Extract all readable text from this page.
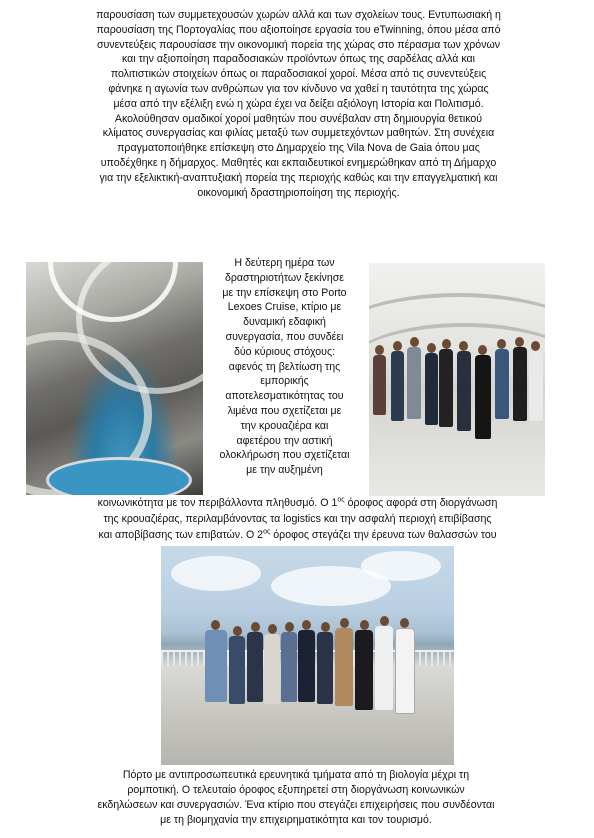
παρουσίαση των συμμετεχουσών χωρών αλλά και των σχολείων τους. Εντυπωσιακή η
παρουσίαση της Πορτογαλίας που αξιοποίησε εργασία του eTwinning, όπου μέσα από
συνεντεύξεις παρουσίασε την οικονομική πορεία της χώρας στο πέρασμα των χρόνων
και την αξιοποίηση παραδοσιακών προϊόντων όπως της σαρδέλας αλλά και
πολιτιστικών στοιχείων όπως οι παραδοσιακοί χοροί. Μέσα από τις συνεντεύξεις
φάνηκε η αγωνία των ανθρώπων για τον κίνδυνο να χαθεί η ταυτότητα της χώρας
μέσα από την εξέλιξη ενώ η χώρα έχει να δείξει αξιόλογη Ιστορία και Πολιτισμό.
Ακολούθησαν ομαδικοί χοροί μαθητών που συνέβαλαν στη δημιουργία θετικού
κλίματος συνεργασίας και φιλίας μεταξύ των συμμετεχόντων μαθητών. Στη συνέχεια
πραγματοποιήθηκε επίσκεψη στο Δημαρχείο της Vila Nova de Gaia όπου μας
υποδέχθηκε η δήμαρχος. Μαθητές και εκπαιδευτικοί ενημερώθηκαν από τη Δήμαρχο
για την εξελικτική-αναπτυξιακή πορεία της περιοχής καθώς και την επαγγελματική και
οικονομική δραστηριοποίηση της περιοχής.
Η δεύτερη ημέρα των
δραστηριοτήτων ξεκίνησε
με την επίσκεψη στο Porto
Lexoes Cruise, κτίριο με
δυναμική εδαφική
συνεργασία, που συνδέει
δύο κύριους στόχους:
αφενός τη βελτίωση της
εμπορικής
αποτελεσματικότητας του
λιμένα που σχετίζεται με
την κρουαζιέρα και
αφετέρου την αστική
ολοκλήρωση που σχετίζεται
με την αυξημένη
κοινωνικότητα με τον περιβάλλοντα πληθυσμό. Ο $1^{o\varsigma}$ όροφος αφορά στη διοργάνωση
της κρουαζιέρας, περιλαμβάνοντας τα logistics και την ασφαλή περιοχή επιβίβασης
και αποβίβασης των επιβατών. Ο $2^{o\varsigma}$ όροφος στεγάζει την έρευνα των θαλασσών του
Πόρτο με αντιπροσωπευτικά ερευνητικά τμήματα από τη βιολογία μέχρι τη
ρομποτική. Ο τελευταίο όροφος εξυπηρετεί στη διοργάνωση κοινωνικών
εκδηλώσεων και συνεργασιών. Ένα κτίριο που στεγάζει επιχειρήσεις που συνδέονται
με τη βιομηχανία την επιχειρηματικότητα και τον τουρισμό.
